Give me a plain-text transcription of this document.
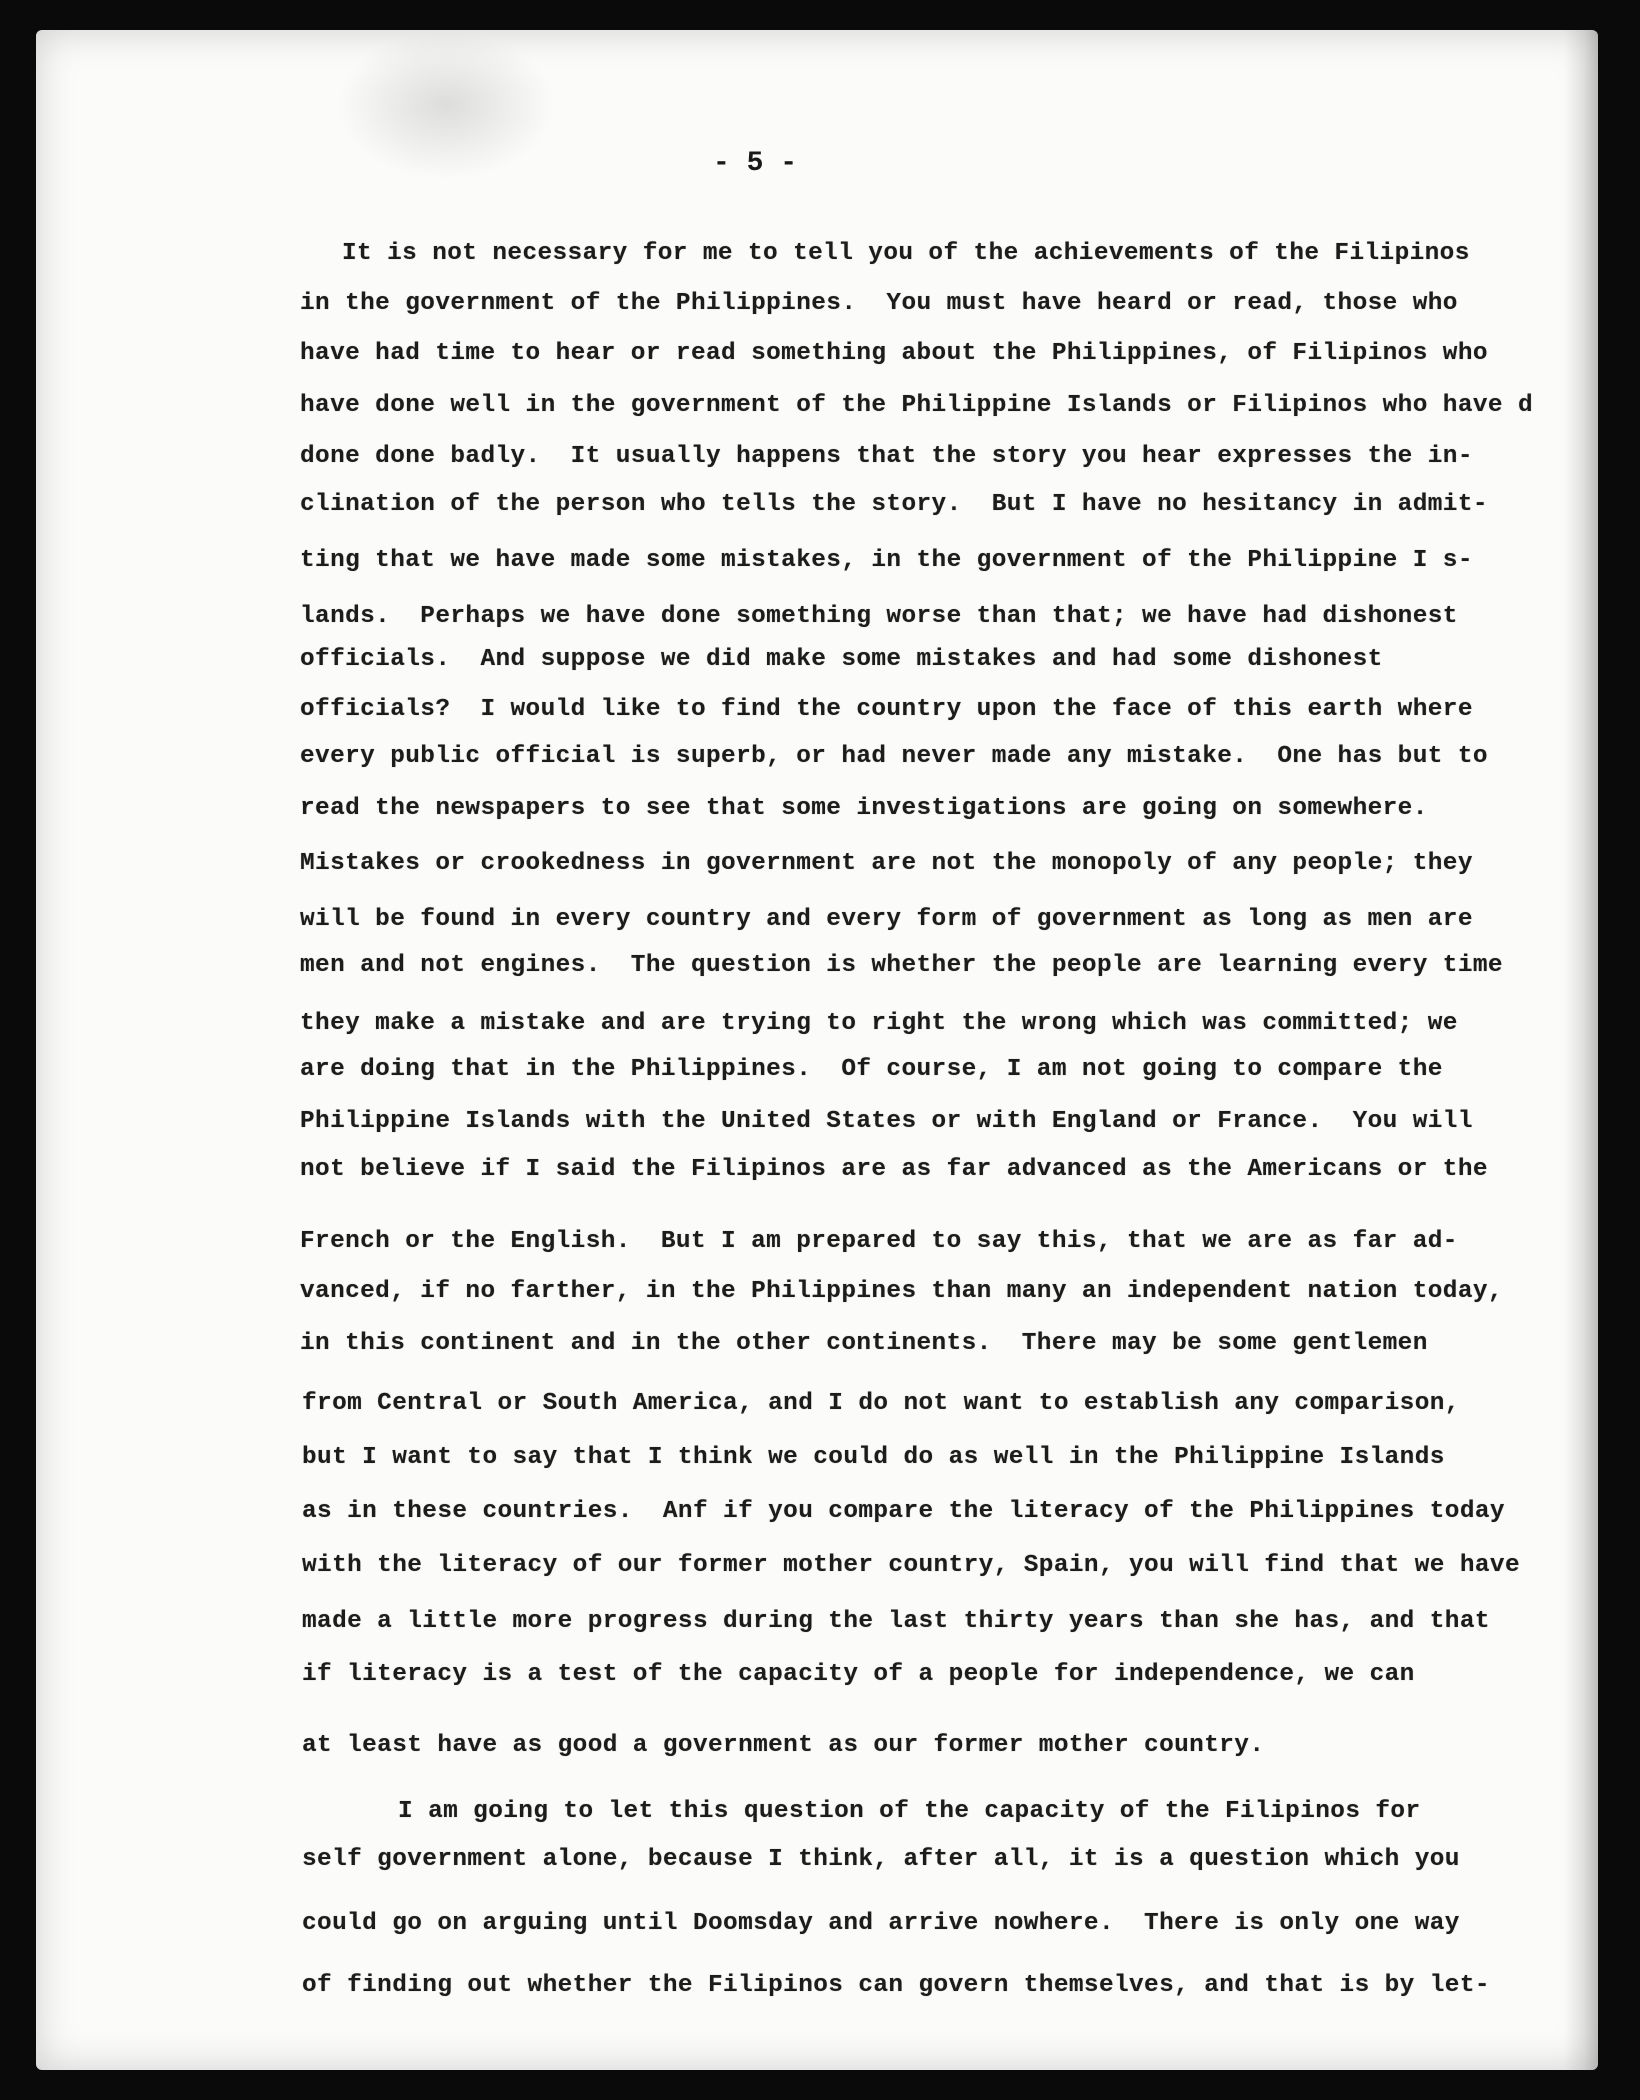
- 5 -
It is not necessary for me to tell you of the achievements of the Filipinos
in the government of the Philippines.  You must have heard or read, those who
have had time to hear or read something about the Philippines, of Filipinos who
have done well in the government of the Philippine Islands or Filipinos who have d
done done badly.  It usually happens that the story you hear expresses the in-
clination of the person who tells the story.  But I have no hesitancy in admit-
ting that we have made some mistakes, in the government of the Philippine I s-
lands.  Perhaps we have done something worse than that; we have had dishonest
officials.  And suppose we did make some mistakes and had some dishonest
officials?  I would like to find the country upon the face of this earth where
every public official is superb, or had never made any mistake.  One has but to
read the newspapers to see that some investigations are going on somewhere.
Mistakes or crookedness in government are not the monopoly of any people; they
will be found in every country and every form of government as long as men are
men and not engines.  The question is whether the people are learning every time
they make a mistake and are trying to right the wrong which was committed; we
are doing that in the Philippines.  Of course, I am not going to compare the
Philippine Islands with the United States or with England or France.  You will
not believe if I said the Filipinos are as far advanced as the Americans or the
French or the English.  But I am prepared to say this, that we are as far ad-
vanced, if no farther, in the Philippines than many an independent nation today,
in this continent and in the other continents.  There may be some gentlemen
from Central or South America, and I do not want to establish any comparison,
but I want to say that I think we could do as well in the Philippine Islands
as in these countries.  Anf if you compare the literacy of the Philippines today
with the literacy of our former mother country, Spain, you will find that we have
made a little more progress during the last thirty years than she has, and that
if literacy is a test of the capacity of a people for independence, we can
at least have as good a government as our former mother country.
I am going to let this question of the capacity of the Filipinos for
self government alone, because I think, after all, it is a question which you
could go on arguing until Doomsday and arrive nowhere.  There is only one way
of finding out whether the Filipinos can govern themselves, and that is by let-
